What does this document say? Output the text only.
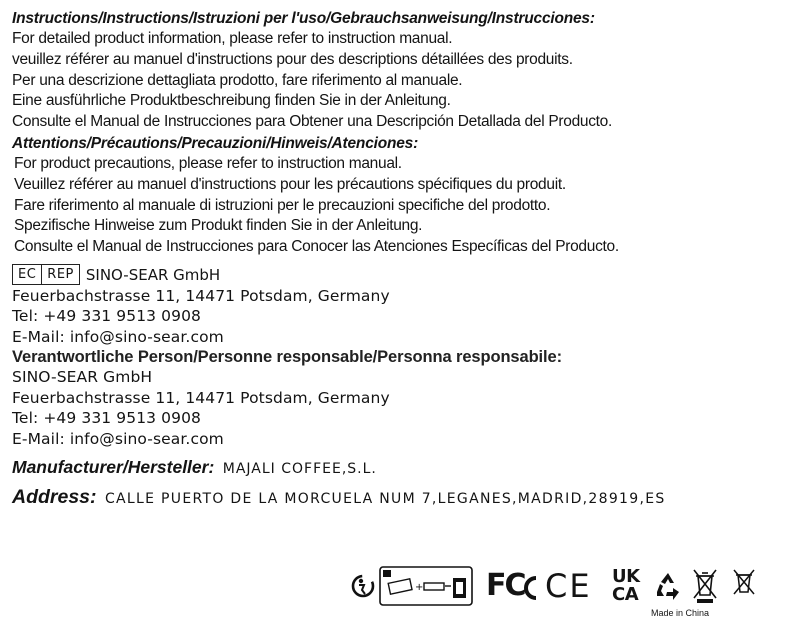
Instructions/Instructions/Istruzioni per l'uso/Gebrauchsanweisung/Instrucciones:
For detailed product information, please refer to instruction manual.
veuillez référer au manuel d'instructions pour des descriptions détaillées des produits.
Per una descrizione dettagliata prodotto, fare riferimento al manuale.
Eine ausführliche Produktbeschreibung finden Sie in der Anleitung.
Consulte el Manual de Instrucciones para Obtener una Descripción Detallada del Producto.
Attentions/Précautions/Precauzioni/Hinweis/Atenciones:
For product precautions, please refer to instruction manual.
Veuillez référer au manuel d'instructions pour les précautions spécifiques du produit.
Fare riferimento al manuale di istruzioni per le precauzioni specifiche del prodotto.
Spezifische Hinweise zum Produkt finden Sie in der Anleitung.
Consulte el Manual de Instrucciones para Conocer las Atenciones Específicas del Producto.
EC REP SINO-SEAR GmbH
Feuerbachstrasse 11, 14471 Potsdam, Germany
Tel: +49 331 9513 0908
E-Mail: info@sino-sear.com
Verantwortliche Person/Personne responsable/Personna responsabile:
SINO-SEAR GmbH
Feuerbachstrasse 11, 14471 Potsdam, Germany
Tel: +49 331 9513 0908
E-Mail: info@sino-sear.com
Manufacturer/Hersteller: MAJALI COFFEE,S.L.
Address: CALLE PUERTO DE LA MORCUELA NUM 7,LEGANES,MADRID,28919,ES
+ FC CE UK
CA
Made in China
